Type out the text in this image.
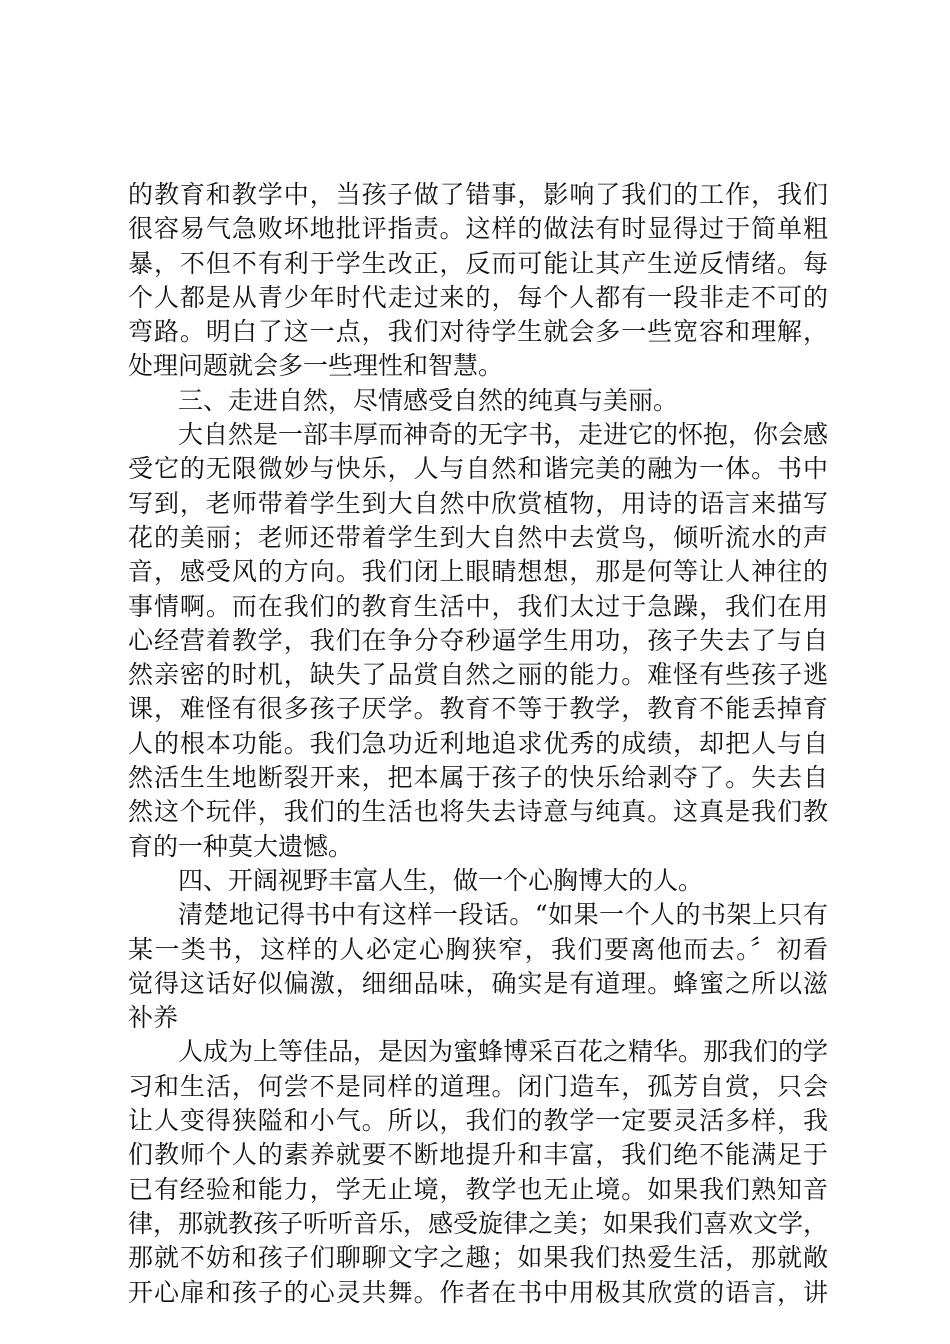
的教育和教学中，当孩子做了错事，影响了我们的工作，我们
很容易气急败坏地批评指责。这样的做法有时显得过于简单粗
暴，不但不有利于学生改正，反而可能让其产生逆反情绪。每
个人都是从青少年时代走过来的，每个人都有一段非走不可的
弯路。明白了这一点，我们对待学生就会多一些宽容和理解，
处理问题就会多一些理性和智慧。
三、走进自然，尽情感受自然的纯真与美丽。
大自然是一部丰厚而神奇的无字书，走进它的怀抱，你会感
受它的无限微妙与快乐，人与自然和谐完美的融为一体。书中
写到，老师带着学生到大自然中欣赏植物，用诗的语言来描写
花的美丽；老师还带着学生到大自然中去赏鸟，倾听流水的声
音，感受风的方向。我们闭上眼睛想想，那是何等让人神往的
事情啊。而在我们的教育生活中，我们太过于急躁，我们在用
心经营着教学，我们在争分夺秒逼学生用功，孩子失去了与自
然亲密的时机，缺失了品赏自然之丽的能力。难怪有些孩子逃
课，难怪有很多孩子厌学。教育不等于教学，教育不能丢掉育
人的根本功能。我们急功近利地追求优秀的成绩，却把人与自
然活生生地断裂开来，把本属于孩子的快乐给剥夺了。失去自
然这个玩伴，我们的生活也将失去诗意与纯真。这真是我们教
育的一种莫大遗憾。
四、开阔视野丰富人生，做一个心胸博大的人。
清楚地记得书中有这样一段话。“如果一个人的书架上只有
某一类书，这样的人必定心胸狭窄，我们要离他而去。〞初看
觉得这话好似偏激，细细品味，确实是有道理。蜂蜜之所以滋
补养
人成为上等佳品，是因为蜜蜂博采百花之精华。那我们的学
习和生活，何尝不是同样的道理。闭门造车，孤芳自赏，只会
让人变得狭隘和小气。所以，我们的教学一定要灵活多样，我
们教师个人的素养就要不断地提升和丰富，我们绝不能满足于
已有经验和能力，学无止境，教学也无止境。如果我们熟知音
律，那就教孩子听听音乐，感受旋律之美；如果我们喜欢文学，
那就不妨和孩子们聊聊文字之趣；如果我们热爱生活，那就敞
开心扉和孩子的心灵共舞。作者在书中用极其欣赏的语言，讲
